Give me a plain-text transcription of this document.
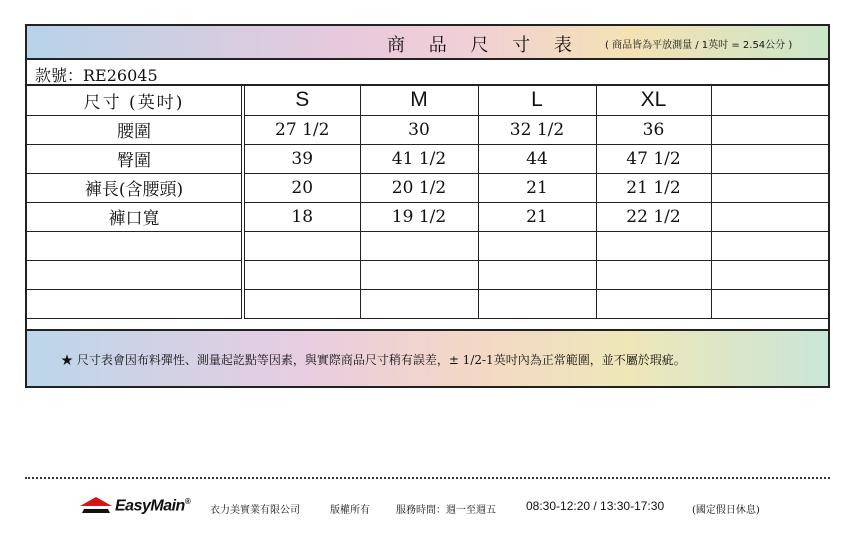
商 品 尺 寸 表 ( 商品皆為平放測量 / 1英吋 = 2.54公分 )
款號：RE26045
尺寸 (英吋)	S	M	L	XL	
腰圍	27 1/2	30	32 1/2	36	
臀圍	39	41 1/2	44	47 1/2	
褲長(含腰頭)	20	20 1/2	21	21 1/2	
褲口寬	18	19 1/2	21	22 1/2	

★ 尺寸表會因布料彈性、測量起訖點等因素，與實際商品尺寸稍有誤差，± 1/2-1英吋內為正常範圍，並不屬於瑕疵。
EasyMain®
衣力美實業有限公司	版權所有	服務時間：週一至週五	08:30-12:20 / 13:30-17:30	(國定假日休息)
